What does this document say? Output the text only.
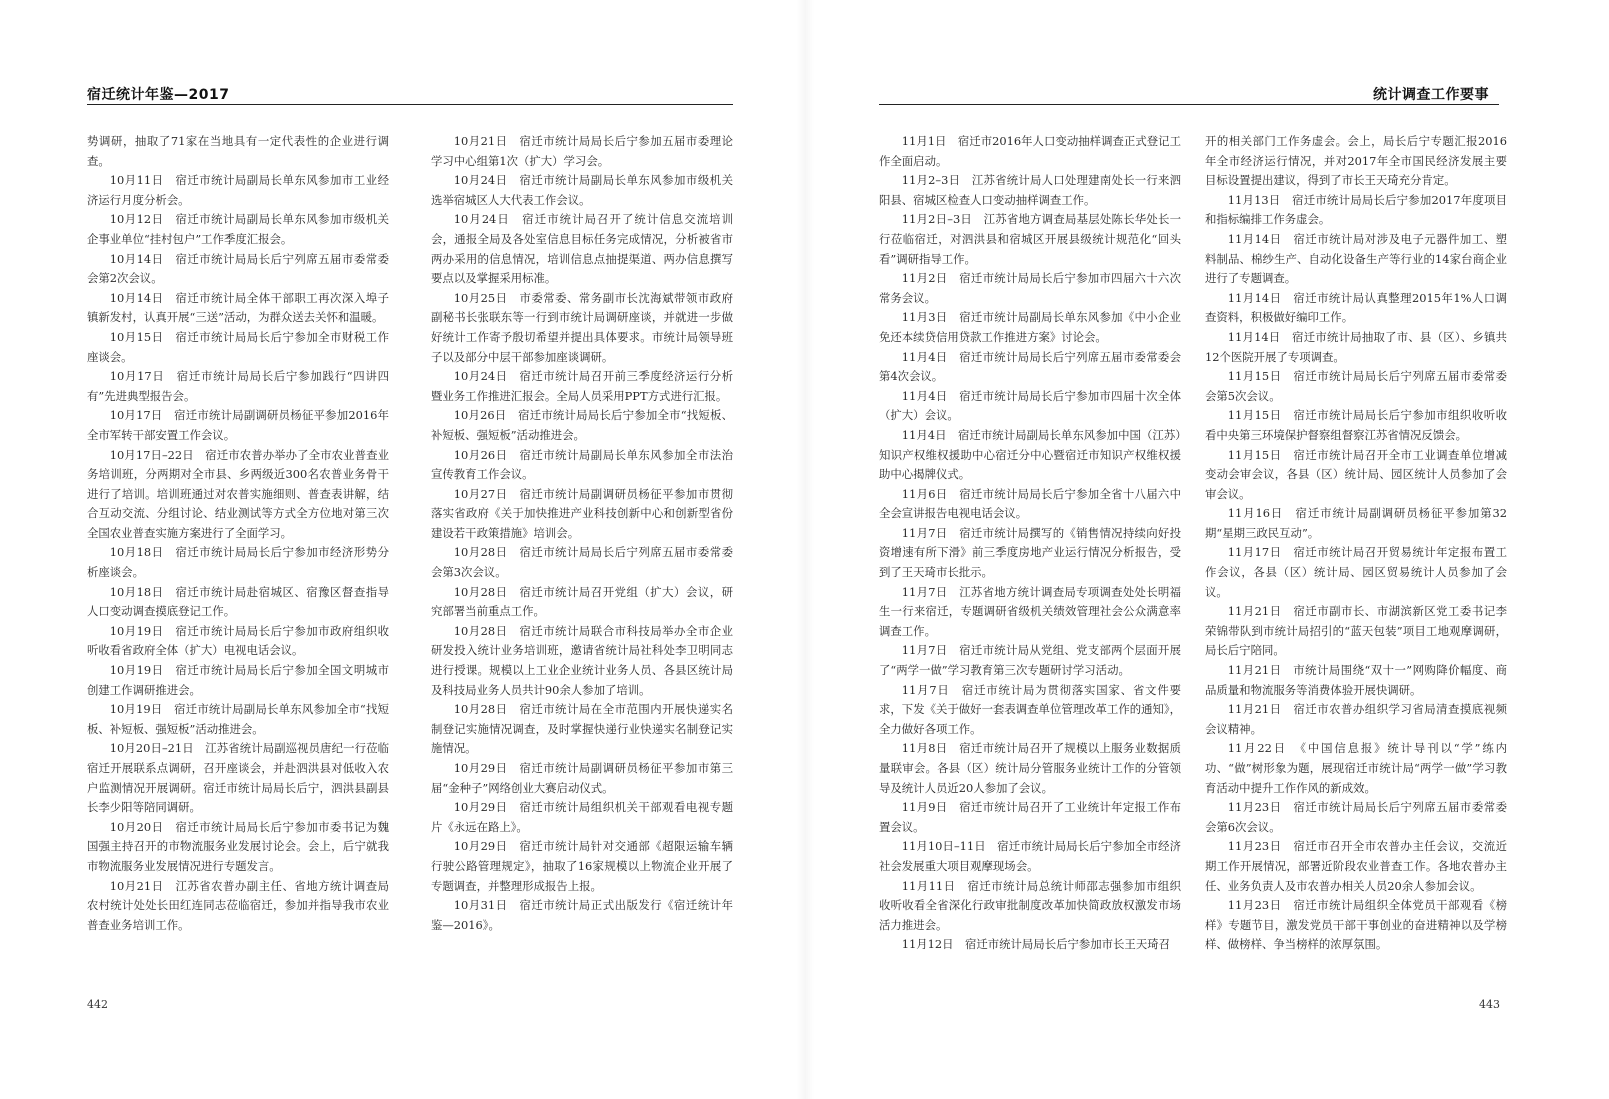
宿迁统计年鉴—2017

势调研，抽取了71家在当地具有一定代表性的企业进行调查。

10月11日　宿迁市统计局副局长单东风参加市工业经济运行月度分析会。

10月12日　宿迁市统计局副局长单东风参加市级机关企事业单位“挂村包户”工作季度汇报会。

10月14日　宿迁市统计局局长后宁列席五届市委常委会第2次会议。

10月14日　宿迁市统计局全体干部职工再次深入埠子镇新发村，认真开展“三送”活动，为群众送去关怀和温暖。

10月15日　宿迁市统计局局长后宁参加全市财税工作座谈会。

10月17日　宿迁市统计局局长后宁参加践行“四讲四有”先进典型报告会。

10月17日　宿迁市统计局副调研员杨征平参加2016年全市军转干部安置工作会议。

10月17日–22日　宿迁市农普办举办了全市农业普查业务培训班，分两期对全市县、乡两级近300名农普业务骨干进行了培训。培训班通过对农普实施细则、普查表讲解，结合互动交流、分组讨论、结业测试等方式全方位地对第三次全国农业普查实施方案进行了全面学习。

10月18日　宿迁市统计局局长后宁参加市经济形势分析座谈会。

10月18日　宿迁市统计局赴宿城区、宿豫区督查指导人口变动调查摸底登记工作。

10月19日　宿迁市统计局局长后宁参加市政府组织收听收看省政府全体（扩大）电视电话会议。

10月19日　宿迁市统计局局长后宁参加全国文明城市创建工作调研推进会。

10月19日　宿迁市统计局副局长单东风参加全市“找短板、补短板、强短板”活动推进会。

10月20日–21日　江苏省统计局副巡视员唐纪一行莅临宿迁开展联系点调研，召开座谈会，并赴泗洪县对低收入农户监测情况开展调研。宿迁市统计局局长后宁，泗洪县副县长李少阳等陪同调研。

10月20日　宿迁市统计局局长后宁参加市委书记为魏国强主持召开的市物流服务业发展讨论会。会上，后宁就我市物流服务业发展情况进行专题发言。

10月21日　江苏省农普办副主任、省地方统计调查局农村统计处处长田红连同志莅临宿迁，参加并指导我市农业普查业务培训工作。

10月21日　宿迁市统计局局长后宁参加五届市委理论学习中心组第1次（扩大）学习会。

10月24日　宿迁市统计局副局长单东风参加市级机关选举宿城区人大代表工作会议。

10月24日　宿迁市统计局召开了统计信息交流培训会，通报全局及各处室信息目标任务完成情况，分析被省市两办采用的信息情况，培训信息点抽提渠道、两办信息撰写要点以及掌握采用标准。

10月25日　市委常委、常务副市长沈海斌带领市政府副秘书长张联东等一行到市统计局调研座谈，并就进一步做好统计工作寄予殷切希望并提出具体要求。市统计局领导班子以及部分中层干部参加座谈调研。

10月24日　宿迁市统计局召开前三季度经济运行分析暨业务工作推进汇报会。全局人员采用PPT方式进行汇报。

10月26日　宿迁市统计局局长后宁参加全市“找短板、补短板、强短板”活动推进会。

10月26日　宿迁市统计局副局长单东风参加全市法治宣传教育工作会议。

10月27日　宿迁市统计局副调研员杨征平参加市贯彻落实省政府《关于加快推进产业科技创新中心和创新型省份建设若干政策措施》培训会。

10月28日　宿迁市统计局局长后宁列席五届市委常委会第3次会议。

10月28日　宿迁市统计局召开党组（扩大）会议，研究部署当前重点工作。

10月28日　宿迁市统计局联合市科技局举办全市企业研发投入统计业务培训班，邀请省统计局社科处李卫明同志进行授课。规模以上工业企业统计业务人员、各县区统计局及科技局业务人员共计90余人参加了培训。

10月28日　宿迁市统计局在全市范围内开展快递实名制登记实施情况调查，及时掌握快递行业快递实名制登记实施情况。

10月29日　宿迁市统计局副调研员杨征平参加市第三届“金种子”网络创业大赛启动仪式。

10月29日　宿迁市统计局组织机关干部观看电视专题片《永远在路上》。

10月29日　宿迁市统计局针对交通部《超限运输车辆行驶公路管理规定》，抽取了16家规模以上物流企业开展了专题调查，并整理形成报告上报。

10月31日　宿迁市统计局正式出版发行《宿迁统计年鉴—2016》。

442
统计调查工作要事

11月1日　宿迁市2016年人口变动抽样调查正式登记工作全面启动。

11月2–3日　江苏省统计局人口处理建南处长一行来泗阳县、宿城区检查人口变动抽样调查工作。

11月2日–3日　江苏省地方调查局基层处陈长华处长一行莅临宿迁，对泗洪县和宿城区开展县级统计规范化“回头看”调研指导工作。

11月2日　宿迁市统计局局长后宁参加市四届六十六次常务会议。

11月3日　宿迁市统计局副局长单东风参加《中小企业免还本续贷信用贷款工作推进方案》讨论会。

11月4日　宿迁市统计局局长后宁列席五届市委常委会第4次会议。

11月4日　宿迁市统计局局长后宁参加市四届十次全体（扩大）会议。

11月4日　宿迁市统计局副局长单东风参加中国（江苏）知识产权维权援助中心宿迁分中心暨宿迁市知识产权维权援助中心揭牌仪式。

11月6日　宿迁市统计局局长后宁参加全省十八届六中全会宣讲报告电视电话会议。

11月7日　宿迁市统计局撰写的《销售情况持续向好投资增速有所下滑》前三季度房地产业运行情况分析报告，受到了王天琦市长批示。

11月7日　江苏省地方统计调查局专项调查处处长明福生一行来宿迁，专题调研省级机关绩效管理社会公众满意率调查工作。

11月7日　宿迁市统计局从党组、党支部两个层面开展了“两学一做”学习教育第三次专题研讨学习活动。

11月7日　宿迁市统计局为贯彻落实国家、省文件要求，下发《关于做好一套表调查单位管理改革工作的通知》，全力做好各项工作。

11月8日　宿迁市统计局召开了规模以上服务业数据质量联审会。各县（区）统计局分管服务业统计工作的分管领导及统计人员近20人参加了会议。

11月9日　宿迁市统计局召开了工业统计年定报工作布置会议。

11月10日–11日　宿迁市统计局局长后宁参加全市经济社会发展重大项目观摩现场会。

11月11日　宿迁市统计局总统计师邵志强参加市组织收听收看全省深化行政审批制度改革加快简政放权激发市场活力推进会。

11月12日　宿迁市统计局局长后宁参加市长王天琦召

开的相关部门工作务虚会。会上，局长后宁专题汇报2016年全市经济运行情况，并对2017年全市国民经济发展主要目标设置提出建议，得到了市长王天琦充分肯定。

11月13日　宿迁市统计局局长后宁参加2017年度项目和指标编排工作务虚会。

11月14日　宿迁市统计局对涉及电子元器件加工、塑料制品、棉纱生产、自动化设备生产等行业的14家台商企业进行了专题调查。

11月14日　宿迁市统计局认真整理2015年1%人口调查资料，积极做好编印工作。

11月14日　宿迁市统计局抽取了市、县（区）、乡镇共12个医院开展了专项调查。

11月15日　宿迁市统计局局长后宁列席五届市委常委会第5次会议。

11月15日　宿迁市统计局局长后宁参加市组织收听收看中央第三环境保护督察组督察江苏省情况反馈会。

11月15日　宿迁市统计局召开全市工业调查单位增减变动会审会议，各县（区）统计局、园区统计人员参加了会审会议。

11月16日　宿迁市统计局副调研员杨征平参加第32期“星期三政民互动”。

11月17日　宿迁市统计局召开贸易统计年定报布置工作会议，各县（区）统计局、园区贸易统计人员参加了会议。

11月21日　宿迁市副市长、市湖滨新区党工委书记李荣锦带队到市统计局招引的“蓝天包装”项目工地观摩调研，局长后宁陪同。

11月21日　市统计局围绕“双十一”网购降价幅度、商品质量和物流服务等消费体验开展快调研。

11月21日　宿迁市农普办组织学习省局清查摸底视频会议精神。

11月22日　《中国信息报》统计导刊以“学”练内功、“做”树形象为题，展现宿迁市统计局“两学一做”学习教育活动中提升工作作风的新成效。

11月23日　宿迁市统计局局长后宁列席五届市委常委会第6次会议。

11月23日　宿迁市召开全市农普办主任会议，交流近期工作开展情况，部署近阶段农业普查工作。各地农普办主任、业务负责人及市农普办相关人员20余人参加会议。

11月23日　宿迁市统计局组织全体党员干部观看《榜样》专题节目，激发党员干部干事创业的奋进精神以及学榜样、做榜样、争当榜样的浓厚氛围。

443
